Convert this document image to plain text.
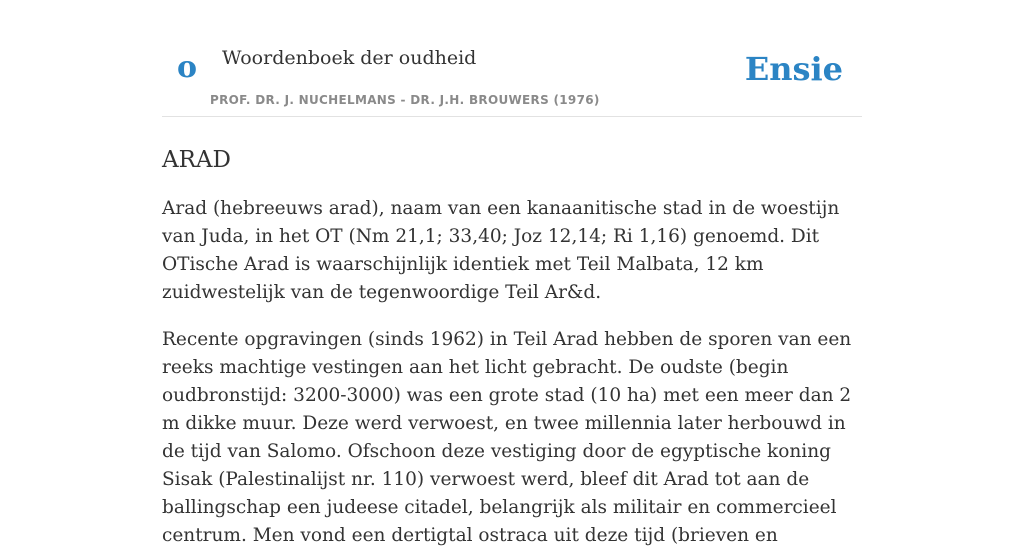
o Woordenboek der oudheid	Ensie
PROF. DR. J. NUCHELMANS - DR. J.H. BROUWERS (1976)
ARAD

Arad (hebreeuws arad), naam van een kanaanitische stad in de woestijn van Juda, in het OT (Nm 21,1; 33,40; Joz 12,14; Ri 1,16) genoemd. Dit OTische Arad is waarschijnlijk identiek met Teil Malbata, 12 km zuidwestelijk van de tegenwoordige Teil Ar&d.

Recente opgravingen (sinds 1962) in Teil Arad hebben de sporen van een reeks machtige vestingen aan het licht gebracht. De oudste (begin oudbronstijd: 3200-3000) was een grote stad (10 ha) met een meer dan 2 m dikke muur. Deze werd verwoest, en twee millennia later herbouwd in de tijd van Salomo. Ofschoon deze vestiging door de egyptische koning Sisak (Palestinalijst nr. 110) verwoest werd, bleef dit Arad tot aan de ballingschap een judeese citadel, belangrijk als militair en commercieel centrum. Men vond een dertigtal ostraca uit deze tijd (brieven en
